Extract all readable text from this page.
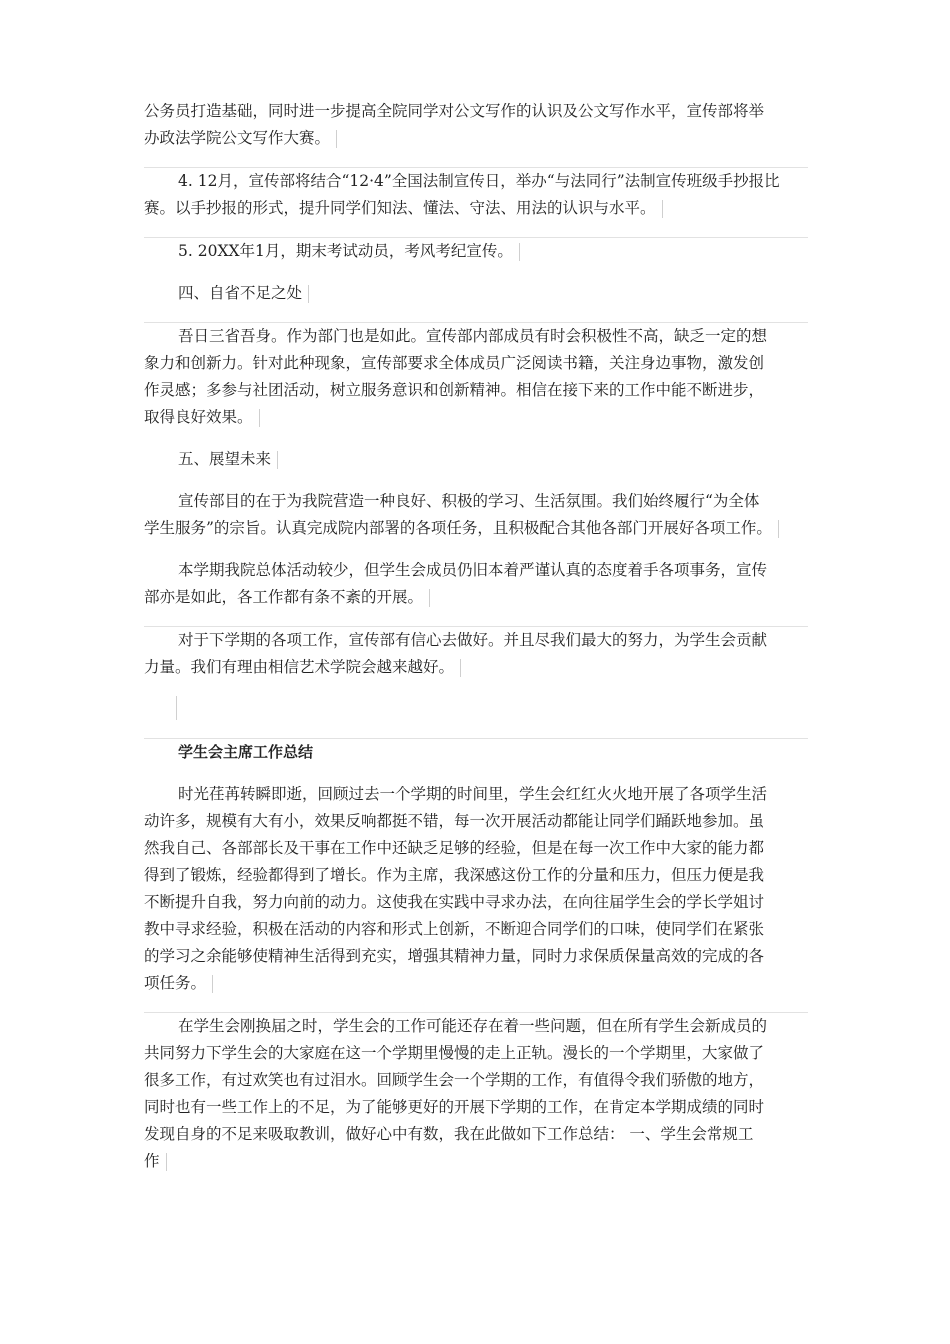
公务员打造基础，同时进一步提高全院同学对公文写作的认识及公文写作水平，宣传部将举
办政法学院公文写作大赛。
4. 12月，宣传部将结合“12·4”全国法制宣传日，举办“与法同行”法制宣传班级手抄报比
赛。以手抄报的形式，提升同学们知法、懂法、守法、用法的认识与水平。
5. 20XX年1月，期末考试动员，考风考纪宣传。
四、自省不足之处
吾日三省吾身。作为部门也是如此。宣传部内部成员有时会积极性不高，缺乏一定的想
象力和创新力。针对此种现象，宣传部要求全体成员广泛阅读书籍，关注身边事物，激发创
作灵感；多参与社团活动，树立服务意识和创新精神。相信在接下来的工作中能不断进步，
取得良好效果。
五、展望未来
宣传部目的在于为我院营造一种良好、积极的学习、生活氛围。我们始终履行“为全体
学生服务”的宗旨。认真完成院内部署的各项任务，且积极配合其他各部门开展好各项工作。
本学期我院总体活动较少，但学生会成员仍旧本着严谨认真的态度着手各项事务，宣传
部亦是如此，各工作都有条不紊的开展。
对于下学期的各项工作，宣传部有信心去做好。并且尽我们最大的努力，为学生会贡献
力量。我们有理由相信艺术学院会越来越好。
学生会主席工作总结
时光荏苒转瞬即逝，回顾过去一个学期的时间里，学生会红红火火地开展了各项学生活
动许多，规模有大有小，效果反响都挺不错，每一次开展活动都能让同学们踊跃地参加。虽
然我自己、各部部长及干事在工作中还缺乏足够的经验，但是在每一次工作中大家的能力都
得到了锻炼，经验都得到了增长。作为主席，我深感这份工作的分量和压力，但压力便是我
不断提升自我，努力向前的动力。这使我在实践中寻求办法，在向往届学生会的学长学姐讨
教中寻求经验，积极在活动的内容和形式上创新，不断迎合同学们的口味，使同学们在紧张
的学习之余能够使精神生活得到充实，增强其精神力量，同时力求保质保量高效的完成的各
项任务。
在学生会刚换届之时，学生会的工作可能还存在着一些问题，但在所有学生会新成员的
共同努力下学生会的大家庭在这一个学期里慢慢的走上正轨。漫长的一个学期里，大家做了
很多工作，有过欢笑也有过泪水。回顾学生会一个学期的工作，有值得令我们骄傲的地方，
同时也有一些工作上的不足，为了能够更好的开展下学期的工作，在肯定本学期成绩的同时
发现自身的不足来吸取教训，做好心中有数，我在此做如下工作总结： 一、学生会常规工
作
